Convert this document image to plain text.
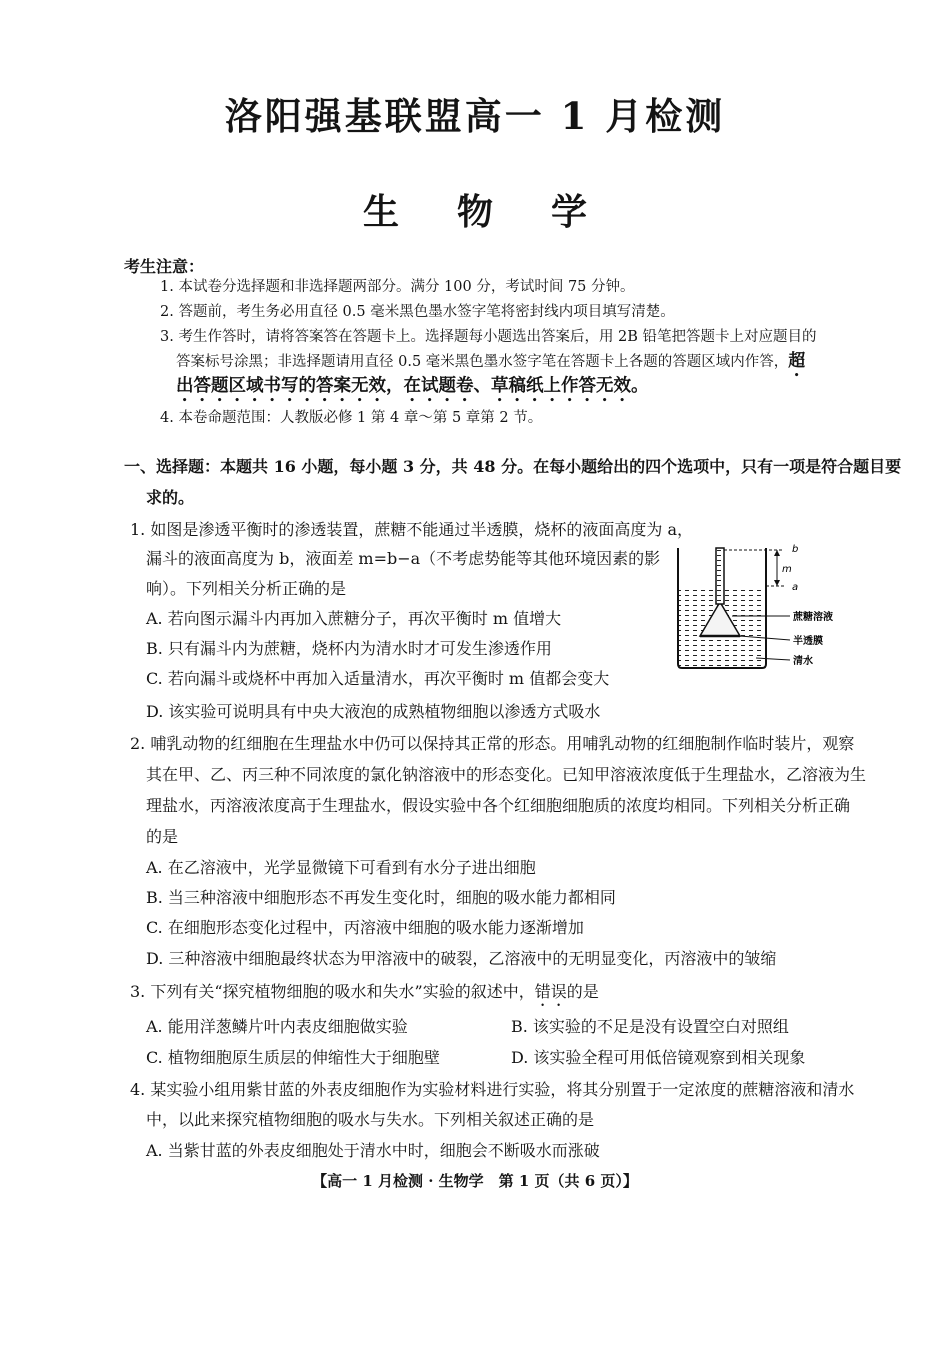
洛阳强基联盟高一 1 月检测
生物学
考生注意：
1. 本试卷分选择题和非选择题两部分。满分 100 分，考试时间 75 分钟。
2. 答题前，考生务必用直径 0.5 毫米黑色墨水签字笔将密封线内项目填写清楚。
3. 考生作答时，请将答案答在答题卡上。选择题每小题选出答案后，用 2B 铅笔把答题卡上对应题目的
答案标号涂黑；非选择题请用直径 0.5 毫米黑色墨水签字笔在答题卡上各题的答题区域内作答，超
出答题区域书写的答案无效，在试题卷、草稿纸上作答无效。
4. 本卷命题范围：人教版必修 1 第 4 章～第 5 章第 2 节。
一、选择题：本题共 16 小题，每小题 3 分，共 48 分。在每小题给出的四个选项中，只有一项是符合题目要
求的。
1. 如图是渗透平衡时的渗透装置，蔗糖不能通过半透膜，烧杯的液面高度为 a，
漏斗的液面高度为 b，液面差 m=b−a（不考虑势能等其他环境因素的影
响）。下列相关分析正确的是
A. 若向图示漏斗内再加入蔗糖分子，再次平衡时 m 值增大
B. 只有漏斗内为蔗糖，烧杯内为清水时才可发生渗透作用
C. 若向漏斗或烧杯中再加入适量清水，再次平衡时 m 值都会变大
D. 该实验可说明具有中央大液泡的成熟植物细胞以渗透方式吸水
b
m
a
蔗糖溶液
半透膜
清水
2. 哺乳动物的红细胞在生理盐水中仍可以保持其正常的形态。用哺乳动物的红细胞制作临时装片，观察
其在甲、乙、丙三种不同浓度的氯化钠溶液中的形态变化。已知甲溶液浓度低于生理盐水，乙溶液为生
理盐水，丙溶液浓度高于生理盐水，假设实验中各个红细胞细胞质的浓度均相同。下列相关分析正确
的是
A. 在乙溶液中，光学显微镜下可看到有水分子进出细胞
B. 当三种溶液中细胞形态不再发生变化时，细胞的吸水能力都相同
C. 在细胞形态变化过程中，丙溶液中细胞的吸水能力逐渐增加
D. 三种溶液中细胞最终状态为甲溶液中的破裂，乙溶液中的无明显变化，丙溶液中的皱缩
3. 下列有关“探究植物细胞的吸水和失水”实验的叙述中，错误的是
A. 能用洋葱鳞片叶内表皮细胞做实验	B. 该实验的不足是没有设置空白对照组
C. 植物细胞原生质层的伸缩性大于细胞壁	D. 该实验全程可用低倍镜观察到相关现象
4. 某实验小组用紫甘蓝的外表皮细胞作为实验材料进行实验，将其分别置于一定浓度的蔗糖溶液和清水
中，以此来探究植物细胞的吸水与失水。下列相关叙述正确的是
A. 当紫甘蓝的外表皮细胞处于清水中时，细胞会不断吸水而涨破
【高一 1 月检测 · 生物学　第 1 页（共 6 页）】
